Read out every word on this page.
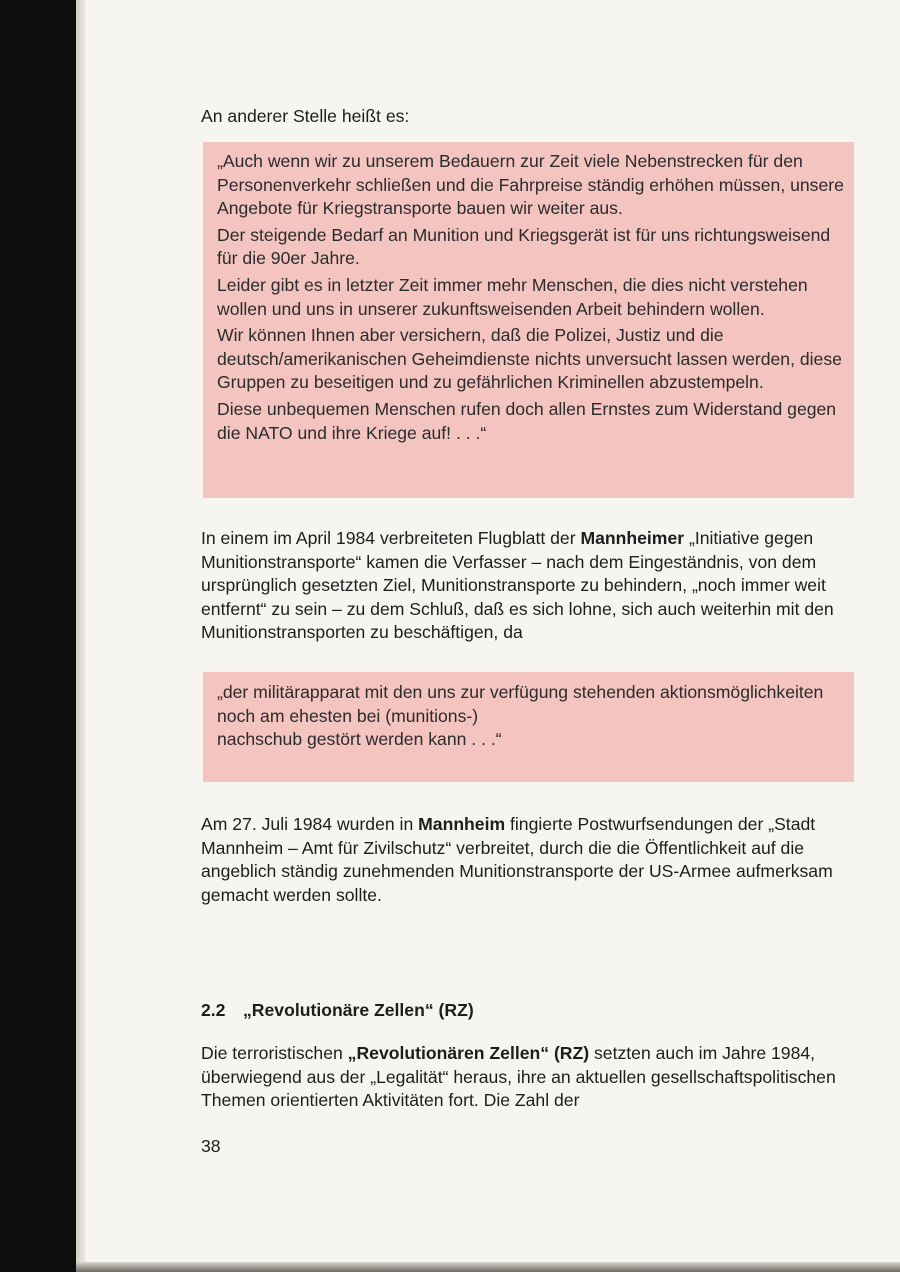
An anderer Stelle heißt es:

„Auch wenn wir zu unserem Bedauern zur Zeit viele Nebenstrecken für den Personenverkehr schließen und die Fahrpreise ständig erhöhen müssen, unsere Angebote für Kriegstransporte bauen wir weiter aus.

Der steigende Bedarf an Munition und Kriegsgerät ist für uns richtungsweisend für die 90er Jahre.

Leider gibt es in letzter Zeit immer mehr Menschen, die dies nicht verstehen wollen und uns in unserer zukunftsweisenden Arbeit behindern wollen.

Wir können Ihnen aber versichern, daß die Polizei, Justiz und die deutsch/amerikanischen Geheimdienste nichts unversucht lassen werden, diese Gruppen zu beseitigen und zu gefährlichen Kriminellen abzustempeln.

Diese unbequemen Menschen rufen doch allen Ernstes zum Widerstand gegen die NATO und ihre Kriege auf! . . .“

In einem im April 1984 verbreiteten Flugblatt der Mannheimer „Initiative gegen Munitionstransporte“ kamen die Verfasser – nach dem Eingeständnis, von dem ursprünglich gesetzten Ziel, Munitionstransporte zu behindern, „noch immer weit entfernt“ zu sein – zu dem Schluß, daß es sich lohne, sich auch weiterhin mit den Munitionstransporten zu beschäftigen, da

„der militärapparat mit den uns zur verfügung stehenden aktionsmöglichkeiten
noch am ehesten bei (munitions-)
nachschub gestört werden kann . . .“

Am 27. Juli 1984 wurden in Mannheim fingierte Postwurfsendungen der „Stadt Mannheim – Amt für Zivilschutz“ verbreitet, durch die die Öffentlichkeit auf die angeblich ständig zunehmenden Munitionstransporte der US-Armee aufmerksam gemacht werden sollte.

2.2 „Revolutionäre Zellen“ (RZ)

Die terroristischen „Revolutionären Zellen“ (RZ) setzten auch im Jahre 1984, überwiegend aus der „Legalität“ heraus, ihre an aktuellen gesellschaftspolitischen Themen orientierten Aktivitäten fort. Die Zahl der

38
